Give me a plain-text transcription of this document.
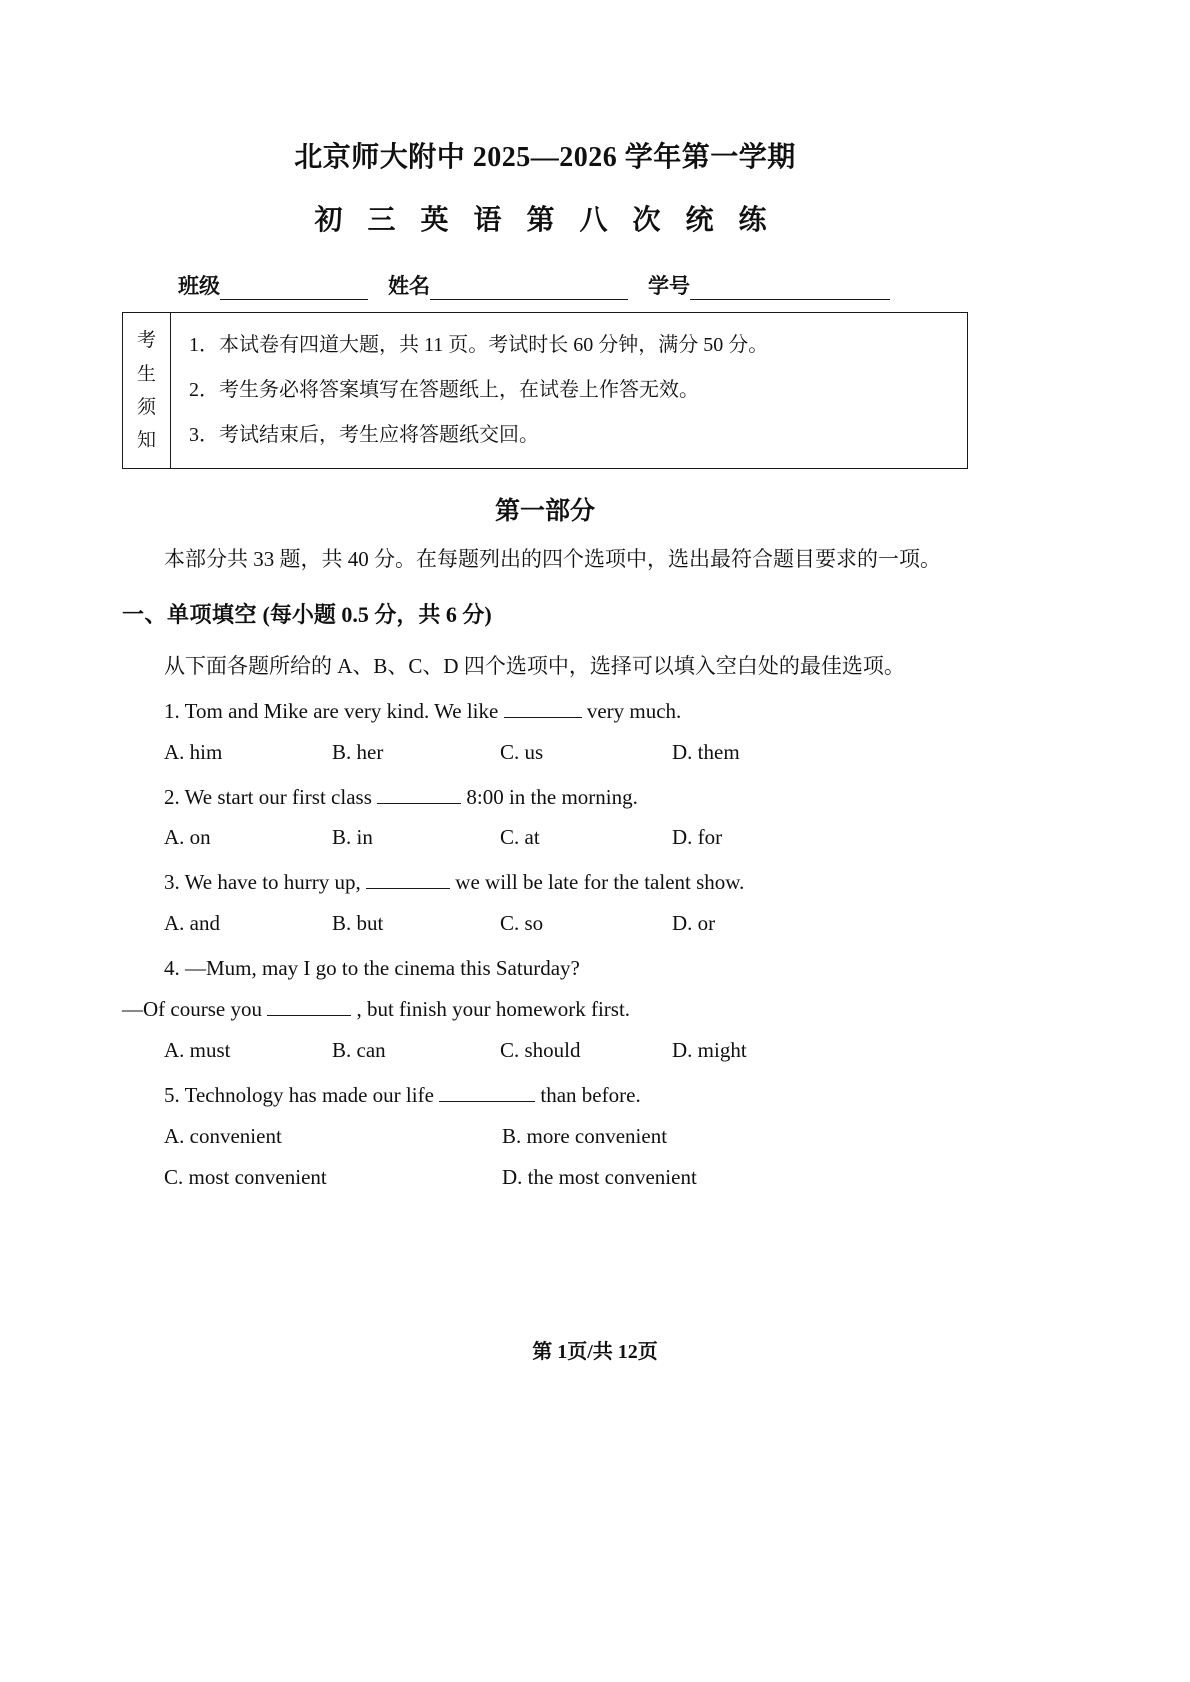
北京师大附中 2025—2026 学年第一学期
初 三 英 语 第 八 次 统 练
班级	姓名	学号
考
生
须
知
1．本试卷有四道大题，共 11 页。考试时长 60 分钟，满分 50 分。
2．考生务必将答案填写在答题纸上，在试卷上作答无效。
3．考试结束后，考生应将答题纸交回。
第一部分
本部分共 33 题，共 40 分。在每题列出的四个选项中，选出最符合题目要求的一项。
一、单项填空 (每小题 0.5 分，共 6 分)
从下面各题所给的 A、B、C、D 四个选项中，选择可以填入空白处的最佳选项。
1. Tom and Mike are very kind. We like	very much.
A. him	B. her	C. us	D. them
2. We start our first class	8:00 in the morning.
A. on	B. in	C. at	D. for
3. We have to hurry up,	we will be late for the talent show.
A. and	B. but	C. so	D. or
4. —Mum, may I go to the cinema this Saturday?
—Of course you	, but finish your homework first.
A. must	B. can	C. should	D. might
5. Technology has made our life	than before.
A. convenient	B. more convenient
C. most convenient	D. the most convenient
第 1页/共 12页
